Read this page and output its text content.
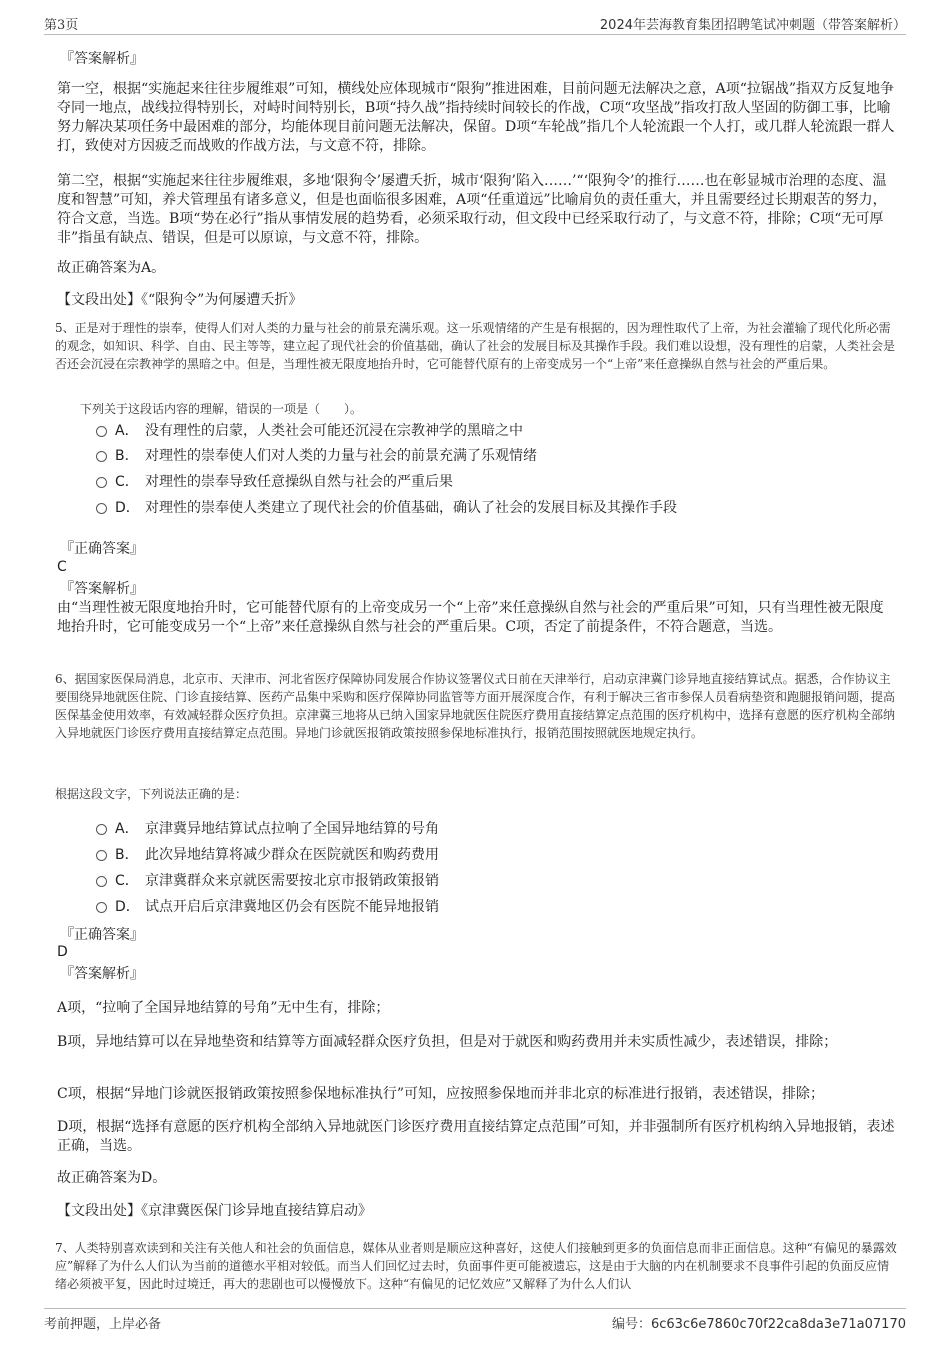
第3页	2024年芸海教育集团招聘笔试冲刺题（带答案解析）
『答案解析』
第一空，根据“实施起来往往步履维艰”可知，横线处应体现城市“限狗”推进困难，目前问题无法解决之意，A项“拉锯战”指双方反复地争夺同一地点，战线拉得特别长，对峙时间特别长，B项“持久战”指持续时间较长的作战，C项“攻坚战”指攻打敌人坚固的防御工事，比喻努力解决某项任务中最困难的部分，均能体现目前问题无法解决，保留。D项“车轮战”指几个人轮流跟一个人打，或几群人轮流跟一群人打，致使对方因疲乏而战败的作战方法，与文意不符，排除。
第二空，根据“实施起来往往步履维艰，多地‘限狗令’屡遭夭折，城市‘限狗’陷入……’“‘限狗令’的推行……也在彰显城市治理的态度、温度和智慧”可知，养犬管理虽有诸多意义，但是也面临很多困难，A项“任重道远”比喻肩负的责任重大，并且需要经过长期艰苦的努力，符合文意，当选。B项“势在必行”指从事情发展的趋势看，必须采取行动，但文段中已经采取行动了，与文意不符，排除；C项“无可厚非”指虽有缺点、错误，但是可以原谅，与文意不符，排除。
故正确答案为A。
【文段出处】《“限狗令”为何屡遭夭折》
5、正是对于理性的崇奉，使得人们对人类的力量与社会的前景充满乐观。这一乐观情绪的产生是有根据的，因为理性取代了上帝，为社会灌输了现代化所必需的观念，如知识、科学、自由、民主等等，建立起了现代社会的价值基础，确认了社会的发展目标及其操作手段。我们难以设想，没有理性的启蒙，人类社会是否还会沉浸在宗教神学的黑暗之中。但是，当理性被无限度地抬升时，它可能替代原有的上帝变成另一个“上帝”来任意操纵自然与社会的严重后果。
下列关于这段话内容的理解，错误的一项是（　　）。
A． 没有理性的启蒙，人类社会可能还沉浸在宗教神学的黑暗之中
B． 对理性的崇奉使人们对人类的力量与社会的前景充满了乐观情绪
C． 对理性的崇奉导致任意操纵自然与社会的严重后果
D． 对理性的崇奉使人类建立了现代社会的价值基础，确认了社会的发展目标及其操作手段
『正确答案』
C
『答案解析』
由“当理性被无限度地抬升时，它可能替代原有的上帝变成另一个“上帝”来任意操纵自然与社会的严重后果”可知，只有当理性被无限度地抬升时，它可能变成另一个“上帝”来任意操纵自然与社会的严重后果。C项，否定了前提条件，不符合题意，当选。
6、据国家医保局消息，北京市、天津市、河北省医疗保障协同发展合作协议签署仪式日前在天津举行，启动京津冀门诊异地直接结算试点。据悉，合作协议主要围绕异地就医住院、门诊直接结算、医药产品集中采购和医疗保障协同监管等方面开展深度合作，有利于解决三省市参保人员看病垫资和跑腿报销问题，提高医保基金使用效率，有效减轻群众医疗负担。京津冀三地将从已纳入国家异地就医住院医疗费用直接结算定点范围的医疗机构中，选择有意愿的医疗机构全部纳入异地就医门诊医疗费用直接结算定点范围。异地门诊就医报销政策按照参保地标准执行，报销范围按照就医地规定执行。
根据这段文字，下列说法正确的是：
A． 京津冀异地结算试点拉响了全国异地结算的号角
B． 此次异地结算将减少群众在医院就医和购药费用
C． 京津冀群众来京就医需要按北京市报销政策报销
D． 试点开启后京津冀地区仍会有医院不能异地报销
『正确答案』
D
『答案解析』
A项，“拉响了全国异地结算的号角”无中生有，排除；
B项，异地结算可以在异地垫资和结算等方面减轻群众医疗负担，但是对于就医和购药费用并未实质性减少，表述错误，排除；
C项，根据“异地门诊就医报销政策按照参保地标准执行”可知，应按照参保地而并非北京的标准进行报销，表述错误，排除；
D项，根据“选择有意愿的医疗机构全部纳入异地就医门诊医疗费用直接结算定点范围”可知，并非强制所有医疗机构纳入异地报销，表述正确，当选。
故正确答案为D。
【文段出处】《京津冀医保门诊异地直接结算启动》
7、人类特别喜欢读到和关注有关他人和社会的负面信息，媒体从业者则是顺应这种喜好，这使人们接触到更多的负面信息而非正面信息。这种“有偏见的暴露效应”解释了为什么人们认为当前的道德水平相对较低。而当人们回忆过去时，负面事件更可能被遗忘，这是由于大脑的内在机制要求不良事件引起的负面反应情绪必须被平复，因此时过境迁，再大的悲剧也可以慢慢放下。这种“有偏见的记忆效应”又解释了为什么人们认
考前押题，上岸必备	编号：6c63c6e7860c70f22ca8da3e71a07170
